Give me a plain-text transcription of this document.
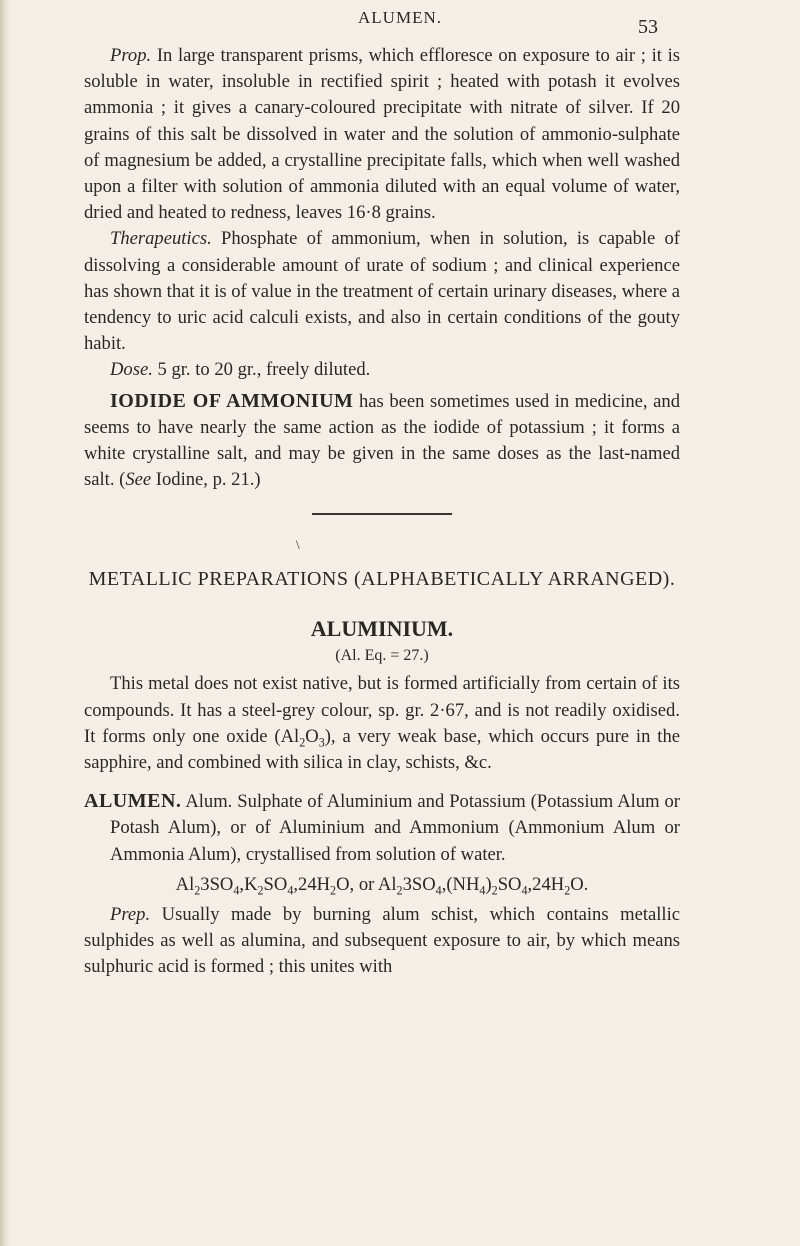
ALUMEN.	53

Prop. In large transparent prisms, which effloresce on exposure to air ; it is soluble in water, insoluble in rectified spirit ; heated with potash it evolves ammonia ; it gives a canary-coloured precipitate with nitrate of silver. If 20 grains of this salt be dissolved in water and the solution of ammonio-sulphate of magnesium be added, a crystalline precipitate falls, which when well washed upon a filter with solution of ammonia diluted with an equal volume of water, dried and heated to redness, leaves 16·8 grains.

Therapeutics. Phosphate of ammonium, when in solution, is capable of dissolving a considerable amount of urate of sodium ; and clinical experience has shown that it is of value in the treatment of certain urinary diseases, where a tendency to uric acid calculi exists, and also in certain conditions of the gouty habit.

Dose. 5 gr. to 20 gr., freely diluted.

IODIDE OF AMMONIUM has been sometimes used in medicine, and seems to have nearly the same action as the iodide of potassium ; it forms a white crystalline salt, and may be given in the same doses as the last-named salt. (See Iodine, p. 21.)

\
METALLIC PREPARATIONS (ALPHABETICALLY ARRANGED).
ALUMINIUM.
(Al. Eq. = 27.)

This metal does not exist native, but is formed artificially from certain of its compounds. It has a steel-grey colour, sp. gr. 2·67, and is not readily oxidised. It forms only one oxide $(Al_2O_3)$, a very weak base, which occurs pure in the sapphire, and combined with silica in clay, schists, &c.

ALUMEN. Alum. Sulphate of Aluminium and Potassium (Potassium Alum or Potash Alum), or of Aluminium and Ammonium (Ammonium Alum or Ammonia Alum), crystallised from solution of water.

$Al_23SO_4,K_2SO_4,24H_2O$, or $Al_23SO_4,(NH_4)_2SO_4,24H_2O$.

Prep. Usually made by burning alum schist, which contains metallic sulphides as well as alumina, and subsequent exposure to air, by which means sulphuric acid is formed ; this unites with
